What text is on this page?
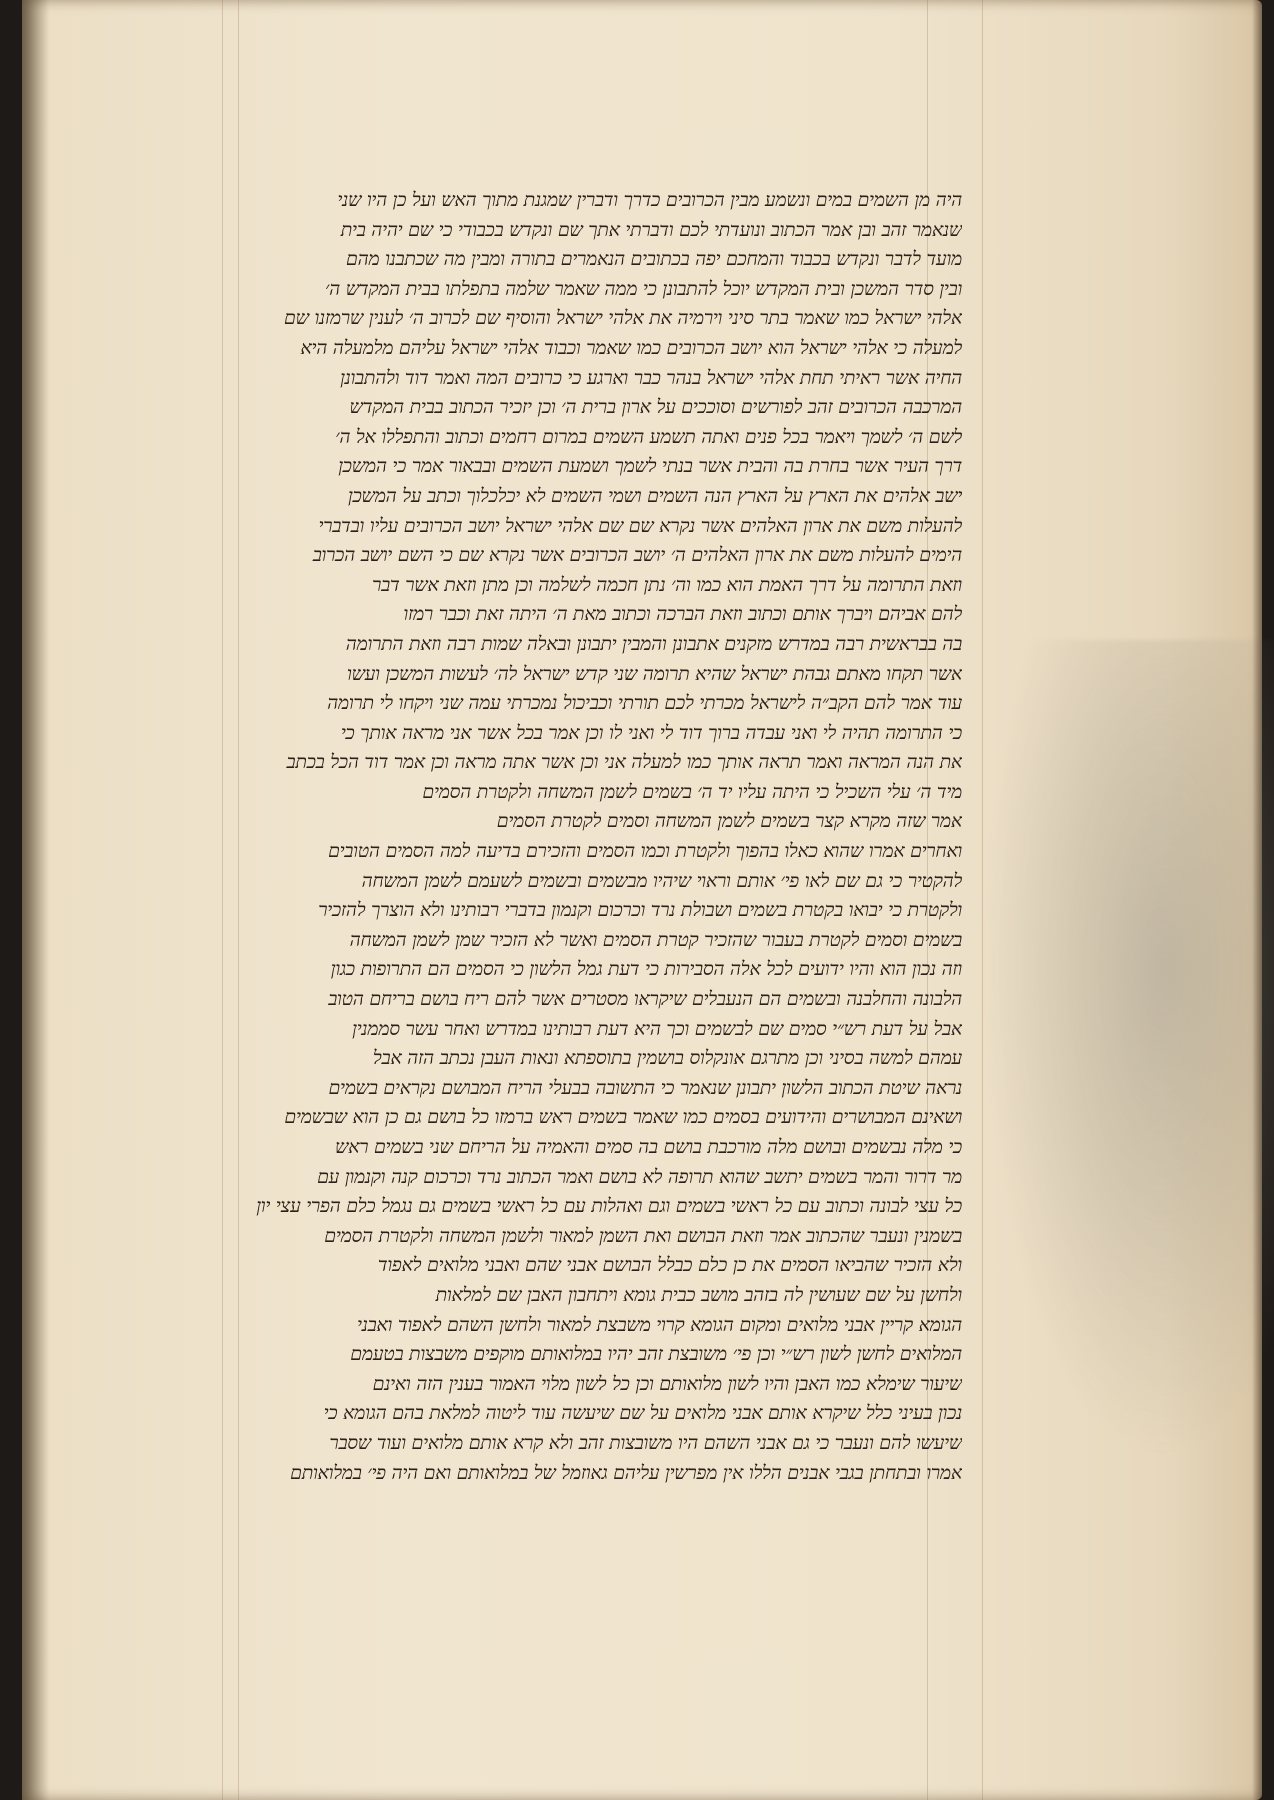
היה מן השמים במים ונשמע מבין הכרובים כדרך ודברין שמגנת מתוך האש ועל כן היו שני
שנאמר זהב ובן אמר הכתוב ונועדתי לכם ודברתי אתך שם ונקדש בכבודי כי שם יהיה בית
מועד לדבר ונקדש בכבוד והמחכם יפה בכתובים הנאמרים בתורה ומבין מה שכתבנו מהם
ובין סדר המשכן ובית המקדש יוכל להתבונן כי ממה שאמר שלמה בתפלתו בבית המקדש ה׳
אלהי ישראל כמו שאמר בתר סיני וירמיה את אלהי ישראל והוסיף שם לכרוב ה׳ לענין שרמזנו שם
למעלה כי אלהי ישראל הוא יושב הכרובים כמו שאמר וכבוד אלהי ישראל עליהם מלמעלה היא
החיה אשר ראיתי תחת אלהי ישראל בנהר כבר וארגע כי כרובים המה ואמר דוד ולהתבונן
המרכבה הכרובים זהב לפורשים וסוככים על ארון ברית ה׳ וכן יזכיר הכתוב בבית המקדש
לשם ה׳ לשמך ויאמר בכל פנים ואתה תשמע השמים במרום רחמים וכתוב והתפללו אל ה׳
דרך העיר אשר בחרת בה והבית אשר בנתי לשמך ושמעת השמים ובבאור אמר כי המשכן
ישב אלהים את הארץ על הארץ הנה השמים ושמי השמים לא יכלכלוך וכתב על המשכן
להעלות משם את ארון האלהים אשר נקרא שם שם אלהי ישראל יושב הכרובים עליו ובדברי
הימים להעלות משם את ארון האלהים ה׳ יושב הכרובים אשר נקרא שם כי השם יושב הכרוב
וזאת התרומה על דרך האמת הוא כמו וה׳ נתן חכמה לשלמה וכן מתן וזאת אשר דבר
להם אביהם ויברך אותם וכתוב וזאת הברכה וכתוב מאת ה׳ היתה זאת וכבר רמזו
בה בבראשית רבה במדרש מזקנים אתבונן והמבין יתבונן ובאלה שמות רבה וזאת התרומה
אשר תקחו מאתם גבהת ישראל שהיא תרומה שני קדש ישראל לה׳ לעשות המשכן ועשו
עוד אמר להם הקב״ה לישראל מכרתי לכם תורתי וכביכול נמכרתי עמה שני ויקחו לי תרומה
כי התרומה תהיה לי ואני עבדה ברוך דוד לי ואני לו וכן אמר בכל אשר אני מראה אותך כי
את הנה המראה ואמר תראה אותך כמו למעלה אני וכן אשר אתה מראה וכן אמר דוד הכל בכתב
מיד ה׳ עלי השכיל כי היתה עליו יד ה׳ בשמים לשמן המשחה ולקטרת הסמים
אמר שזה מקרא קצר בשמים לשמן המשחה וסמים לקטרת הסמים
ואחרים אמרו שהוא כאלו בהפוך ולקטרת וכמו הסמים והזכירם בדיעה למה הסמים הטובים
להקטיר כי גם שם לאו פי׳ אותם וראוי שיהיו מבשמים ובשמים לשעמם לשמן המשחה
ולקטרת כי יבואו בקטרת בשמים ושבולת נרד וכרכום וקנמון בדברי רבותינו ולא הוצרך להזכיר
בשמים וסמים לקטרת בעבור שהזכיר קטרת הסמים ואשר לא הזכיר שמן לשמן המשחה
וזה נכון הוא והיו ידועים לכל אלה הסבירות כי דעת גמל הלשון כי הסמים הם התרופות כגון
הלבונה והחלבנה ובשמים הם הנעבלים שיקראו מסטרים אשר להם ריח בושם בריחם הטוב
אבל על דעת רש״י סמים שם לבשמים וכך היא דעת רבותינו במדרש ואחר עשר סממנין
עמהם למשה בסיני וכן מתרגם אונקלוס בושמין בתוספתא ונאות העבן נכתב הזה אבל
נראה שיטת הכתוב הלשון יתבונן שנאמר כי התשובה בבעלי הריח המבושם נקראים בשמים
ושאינם המבושרים והידועים בסמים כמו שאמר בשמים ראש ברמזו כל בושם גם כן הוא שבשמים
כי מלה נבשמים ובושם מלה מורכבת בושם בה סמים והאמיה על הריחם שני בשמים ראש
מר דרור והמר בשמים יתשב שהוא תרופה לא בושם ואמר הכתוב נרד וכרכום קנה וקנמון עם
כל עצי לבונה וכתוב עם כל ראשי בשמים וגם ואהלות עם כל ראשי בשמים גם נגמל כלם הפרי עצי יון
בשמנין ונעבר שהכתוב אמר וזאת הבושם ואת השמן למאור ולשמן המשחה ולקטרת הסמים
ולא הזכיר שהביאו הסמים את כן כלם כבלל הבושם אבני שהם ואבני מלואים לאפוד
ולחשן על שם שעושין לה בזהב מושב כבית גומא ויתחבון האבן שם למלאות
הגומא קריין אבני מלואים ומקום הגומא קרוי משבצת למאור ולחשן השהם לאפוד ואבני
המלואים לחשן לשון רש״י וכן פי׳ משובצת זהב יהיו במלואותם מוקפים משבצות בטעמם
שיעור שימלא כמו האבן והיו לשון מלואותם וכן כל לשון מלוי האמור בענין הזה ואינם
נכון בעיני כלל שיקרא אותם אבני מלואים על שם שיעשה עוד ליטוה למלאת בהם הגומא כי
שיעשו להם ונעבר כי גם אבני השהם היו משובצות זהב ולא קרא אותם מלואים ועוד שסבר
אמרו ובתחתן בגבי אבנים הללו אין מפרשין עליהם גאוזמל של במלואותם ואם היה פי׳ במלואותם
